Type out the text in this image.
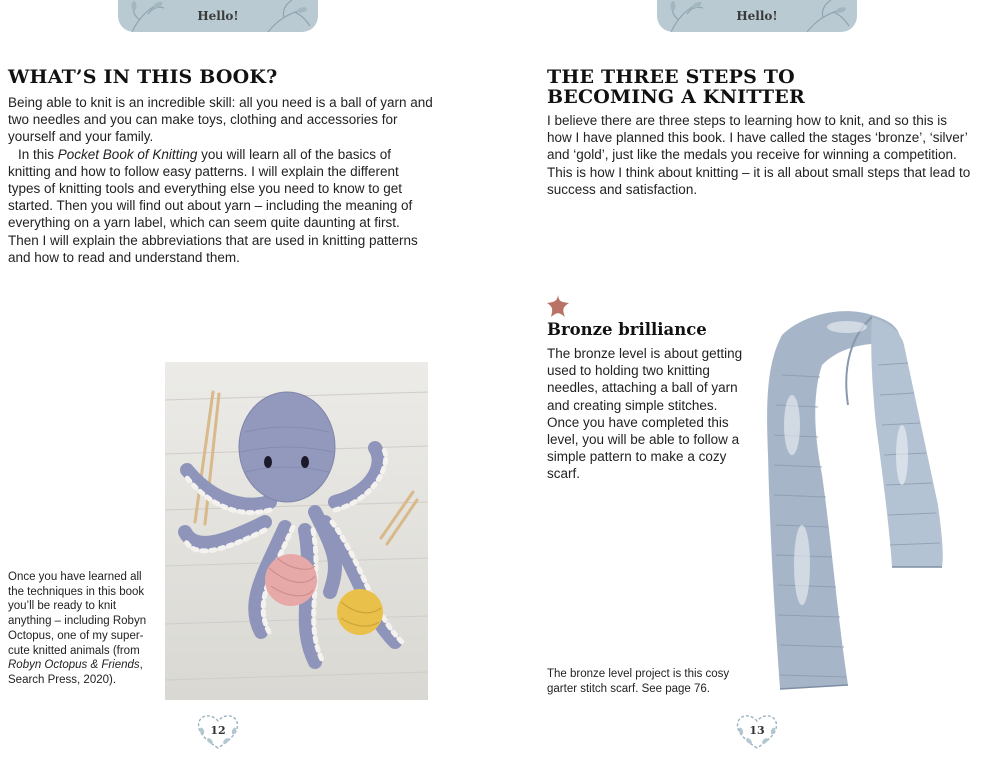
Hello!
WHAT’S IN THIS BOOK?

Being able to knit is an incredible skill: all you need is a ball of yarn and two needles and you can make toys, clothing and accessories for yourself and your family.

In this Pocket Book of Knitting you will learn all of the basics of knitting and how to follow easy patterns. I will explain the different types of knitting tools and everything else you need to know to get started. Then you will find out about yarn – including the meaning of everything on a yarn label, which can seem quite daunting at first. Then I will explain the abbreviations that are used in knitting patterns and how to read and understand them.

Once you have learned all the techniques in this book you’ll be ready to knit anything – including Robyn Octopus, one of my super-cute knitted animals (from Robyn Octopus & Friends, Search Press, 2020).

12
Hello!
THE THREE STEPS TO
BECOMING A KNITTER

I believe there are three steps to learning how to knit, and so this is how I have planned this book. I have called the stages ‘bronze’, ‘silver’ and ‘gold’, just like the medals you receive for winning a competition. This is how I think about knitting – it is all about small steps that lead to success and satisfaction.

Bronze brilliance

The bronze level is about getting used to holding two knitting needles, attaching a ball of yarn and creating simple stitches. Once you have completed this level, you will be able to follow a simple pattern to make a cozy scarf.

The bronze level project is this cosy garter stitch scarf. See page 76.

13
